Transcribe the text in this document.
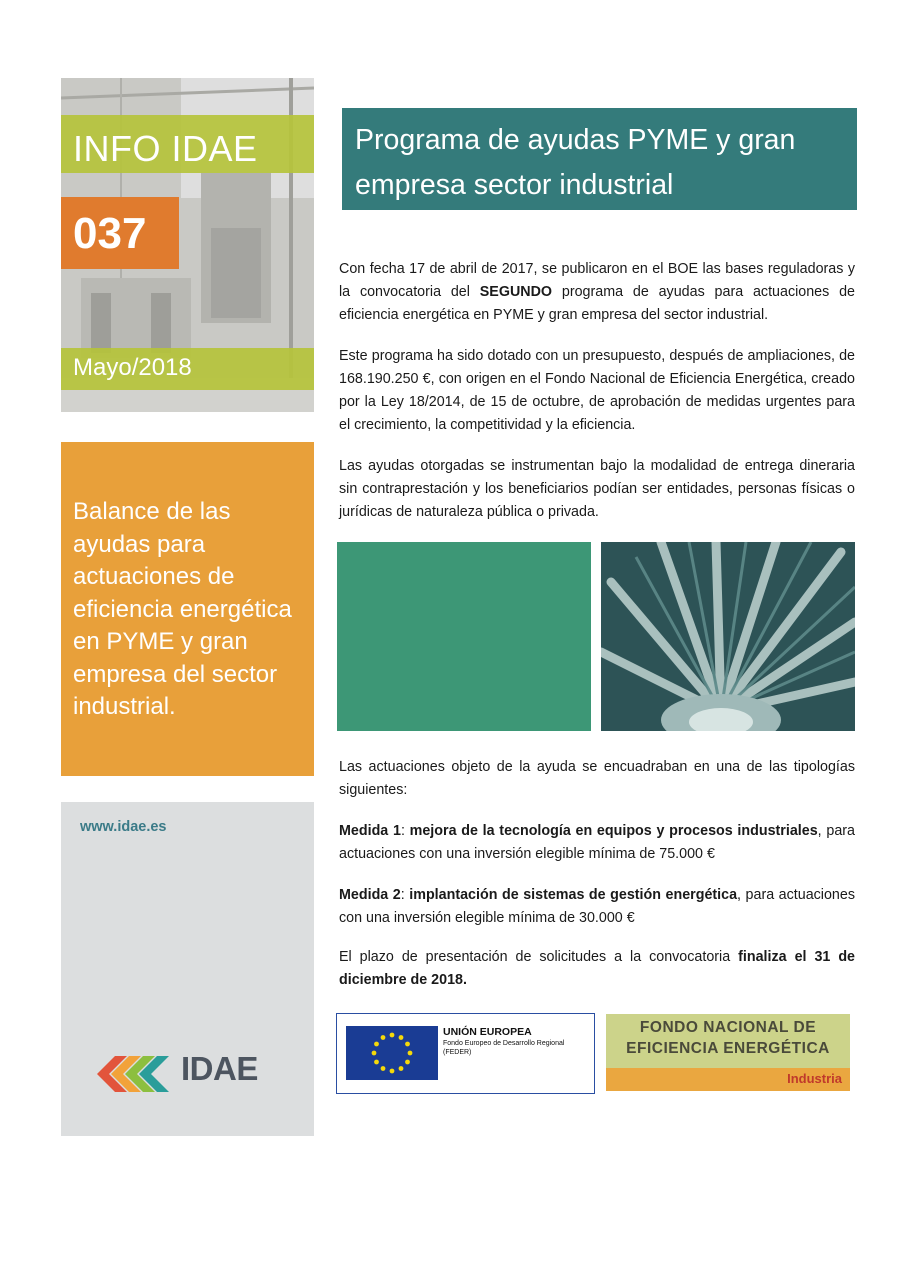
INFO IDAE
037
Mayo/2018
Balance de las ayudas para actuaciones de eficiencia energética en PYME y gran empresa del sector industrial.
www.idae.es
IDAE
Programa de ayudas PYME y gran empresa sector industrial
Con fecha 17 de abril de 2017, se publicaron en el BOE las bases reguladoras y la convocatoria del SEGUNDO programa de ayudas para actuaciones de eficiencia energética en PYME y gran empresa del sector industrial.
Este programa ha sido dotado con un presupuesto, después de ampliaciones, de 168.190.250 €, con origen en el Fondo Nacional de Eficiencia Energética, creado por la Ley 18/2014, de 15 de octubre, de aprobación de medidas urgentes para el crecimiento, la competitividad y la eficiencia.
Las ayudas otorgadas se instrumentan bajo la modalidad de entrega dineraria sin contraprestación y los beneficiarios podían ser entidades, personas físicas o jurídicas de naturaleza pública o privada.
Las actuaciones objeto de la ayuda se encuadraban en una de las tipologías siguientes:
Medida 1: mejora de la tecnología en equipos y procesos industriales, para actuaciones con una inversión elegible mínima de 75.000 €
Medida 2: implantación de sistemas de gestión energética, para actuaciones con una inversión elegible mínima de 30.000 €
El plazo de presentación de solicitudes a la convocatoria finaliza el 31 de diciembre de 2018.
UNIÓN EUROPEA
Fondo Europeo de Desarrollo Regional
(FEDER)
FONDO NACIONAL DE
EFICIENCIA ENERGÉTICA
Industria
